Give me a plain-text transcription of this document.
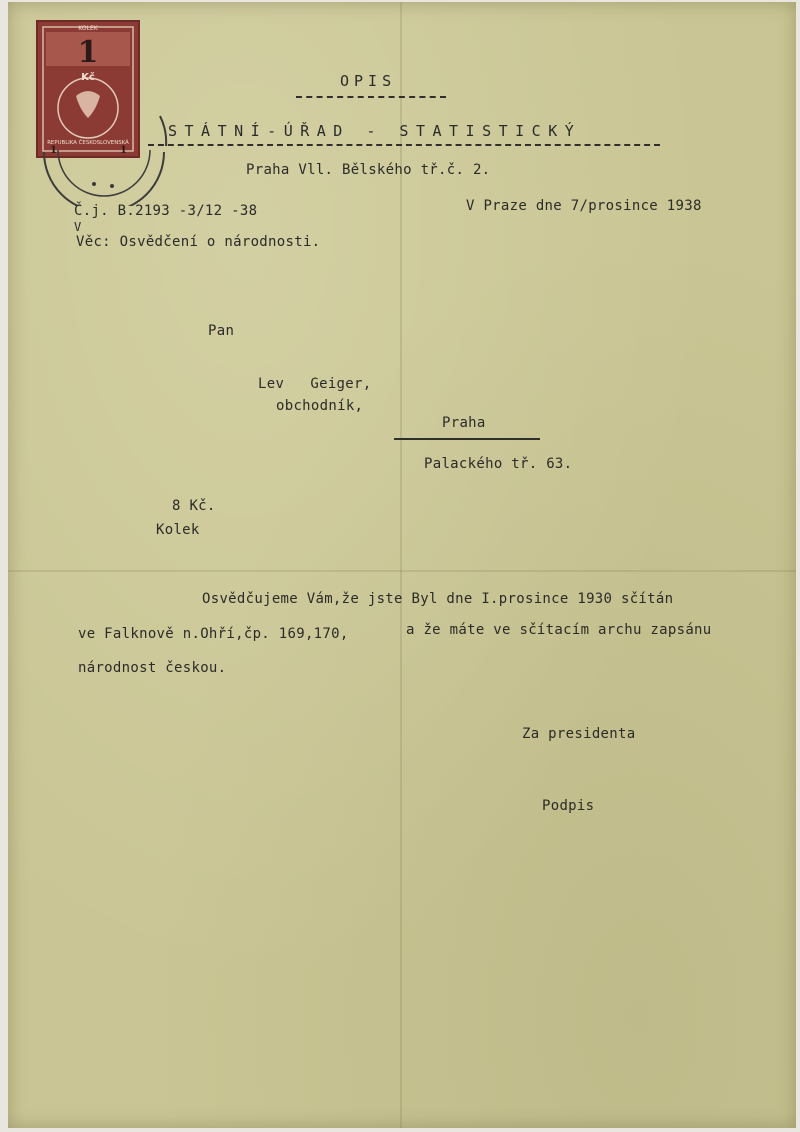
KOLEK
1
Kč
REPUBLIKA ČESKOSLOVENSKÁ
1	1
OPIS
STÁTNÍ-ÚŘAD - STATISTICKÝ
Praha Vll. Bělského tř.č. 2.
Č.j. B.2193 -3/12 -38	V Praze dne 7/prosince 1938
V
Věc: Osvědčení o národnosti.
Pan
Lev   Geiger,
obchodník,
Praha
Palackého tř. 63.
8 Kč.
Kolek
Osvědčujeme Vám,že jste Byl dne I.prosince 1930 sčítán
ve Falknově n.Ohří,čp. 169,170,	a že máte ve sčítacím archu zapsánu
národnost českou.
Za presidenta
Podpis
